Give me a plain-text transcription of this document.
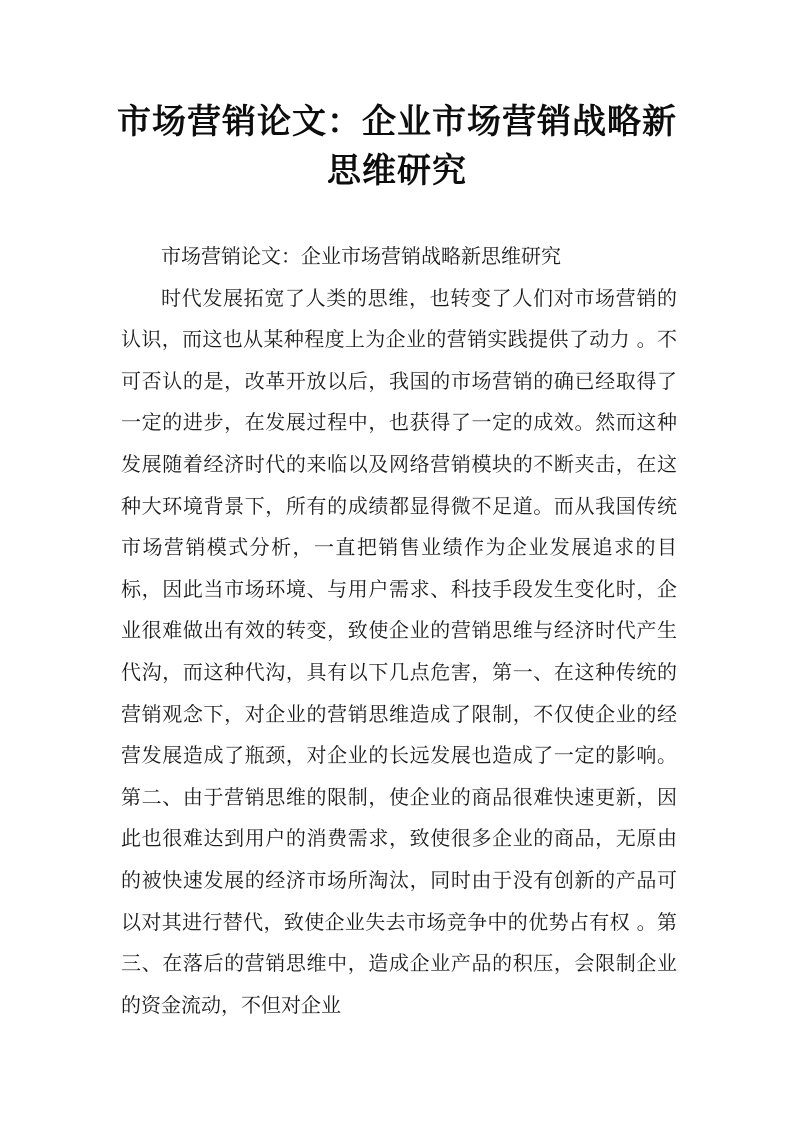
市场营销论文：企业市场营销战略新思维研究

市场营销论文：企业市场营销战略新思维研究

时代发展拓宽了人类的思维，也转变了人们对市场营销的认识，而这也从某种程度上为企业的营销实践提供了动力 。不可否认的是，改革开放以后，我国的市场营销的确已经取得了一定的进步，在发展过程中，也获得了一定的成效。然而这种发展随着经济时代的来临以及网络营销模块的不断夹击，在这种大环境背景下，所有的成绩都显得微不足道。而从我国传统市场营销模式分析，一直把销售业绩作为企业发展追求的目标，因此当市场环境、与用户需求、科技手段发生变化时，企业很难做出有效的转变，致使企业的营销思维与经济时代产生代沟，而这种代沟，具有以下几点危害，第一、在这种传统的营销观念下，对企业的营销思维造成了限制，不仅使企业的经营发展造成了瓶颈，对企业的长远发展也造成了一定的影响。第二、由于营销思维的限制，使企业的商品很难快速更新，因此也很难达到用户的消费需求，致使很多企业的商品，无原由的被快速发展的经济市场所淘汰，同时由于没有创新的产品可以对其进行替代，致使企业失去市场竞争中的优势占有权 。第三、在落后的营销思维中，造成企业产品的积压，会限制企业的资金流动，不但对企业
